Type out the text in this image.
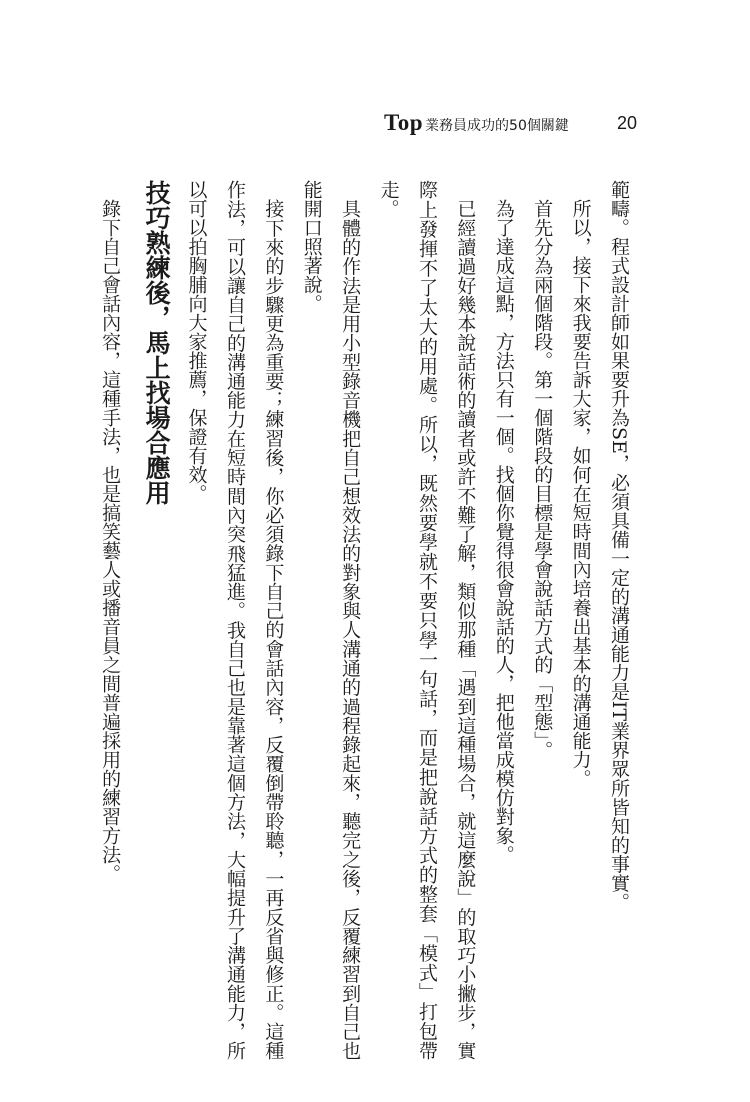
Top 業務員成功的50個關鍵	20

範疇。程式設計師如果要升為SE，必須具備一定的溝通能力是IT業界眾所皆知的事實。

所以，接下來我要告訴大家，如何在短時間內培養出基本的溝通能力。

首先分為兩個階段。第一個階段的目標是學會說話方式的「型態」。

為了達成這點，方法只有一個。找個你覺得很會說話的人，把他當成模仿對象。

已經讀過好幾本說話術的讀者或許不難了解，類似那種「遇到這種場合，就這麼說」的取巧小撇步，實際上發揮不了太大的用處。所以，既然要學就不要只學一句話，而是把說話方式的整套「模式」打包帶走。

具體的作法是用小型錄音機把自己想效法的對象與人溝通的過程錄起來，聽完之後，反覆練習到自己也能開口照著說。

接下來的步驟更為重要；練習後，你必須錄下自己的會話內容，反覆倒帶聆聽，一再反省與修正。這種作法，可以讓自己的溝通能力在短時間內突飛猛進。我自己也是靠著這個方法，大幅提升了溝通能力，所以可以拍胸脯向大家推薦，保證有效。

技巧熟練後，馬上找場合應用

錄下自己會話內容，這種手法，也是搞笑藝人或播音員之間普遍採用的練習方法。
